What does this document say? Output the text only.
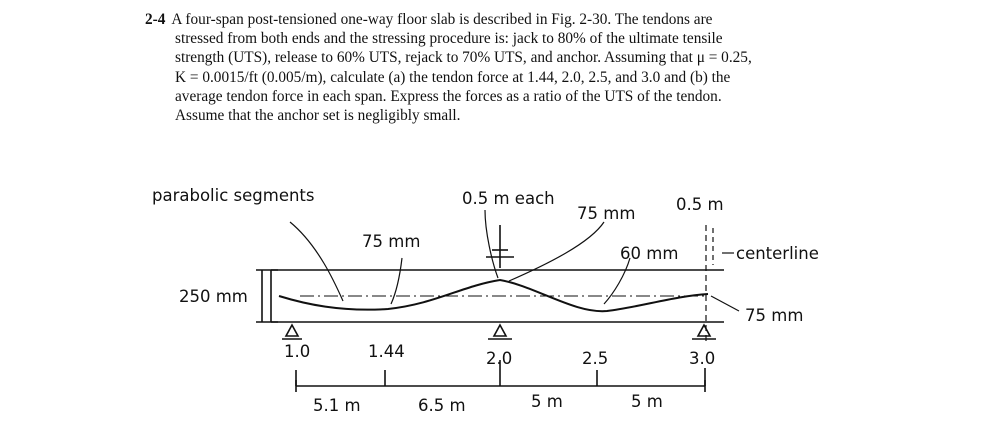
2-4 A four-span post-tensioned one-way floor slab is described in Fig. 2-30. The tendons are
stressed from both ends and the stressing procedure is: jack to 80% of the ultimate tensile
strength (UTS), release to 60% UTS, rejack to 70% UTS, and anchor. Assuming that μ = 0.25,
K = 0.0015/ft (0.005/m), calculate (a) the tendon force at 1.44, 2.0, 2.5, and 3.0 and (b) the
average tendon force in each span. Express the forces as a ratio of the UTS of the tendon.
Assume that the anchor set is negligibly small.
parabolic segments	0.5 m each
75 mm
75 mm 0.5 m
60 mm	centerline
250 mm
75 mm
1.0	1.44	2.0	2.5	3.0
5.1 m	6.5 m	5 m	5 m
